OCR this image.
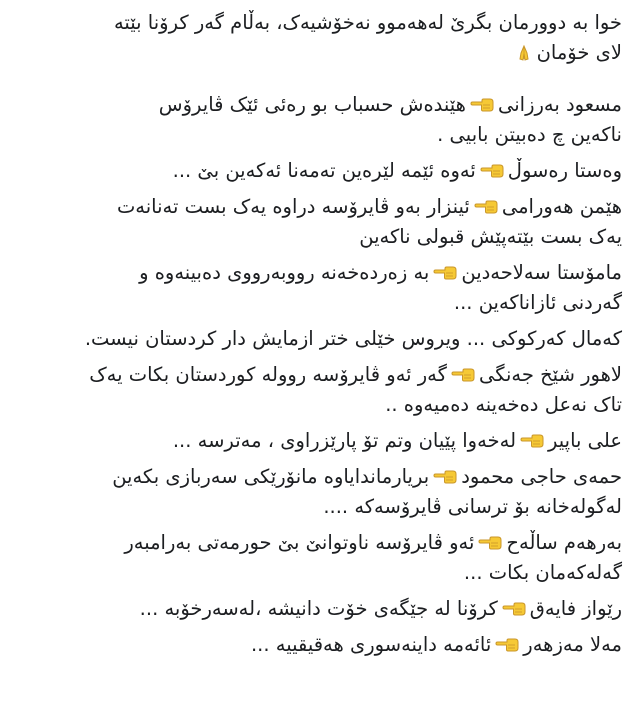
خوا بە دوورمان بگرێ لەهەموو نەخۆشیەک، بەڵام گەر کرۆنا بێتە

لای خۆمان

مسعود بەرزانیهێندەش حسباب بو رەئی ئێک ڤایرۆس

ناکەین چ دەبیتن بابیی .

وەستا رەسوڵئەوە ئێمە لێرەین تەمەنا ئەکەین بێ ...

هێمن هەورامیئینزار بەو ڤایرۆسە دراوە یەک بست تەنانەت

یەک بست بێتەپێش قبولی ناکەین

مامۆستا سەلاحەدینبە زەردەخەنە رووبەرووی دەبینەوە و

گەردنی ئازاناکەین ...

کەمال کەرکوکی ... ویروس خێلی ختر ازمایش دار کردستان نیست.

لاهور شێخ جەنگیگەر ئەو ڤایرۆسە رووله کوردستان بکات یەک

تاک نەعل دەخەینە دەمیەوە ..

علی باپیرلەخەوا پێیان وتم تۆ پارێزراوی ، مەترسە ...

حمەی حاجی محمودبریارماندایاوە مانۆرێکی سەربازی بکەین

لەگولەخانە بۆ ترسانی ڤایرۆسەکە ....

بەرهەم ساڵەحئەو ڤایرۆسە ناوتوانێ بێ حورمەتی بەرامبەر

گەلەکەمان بکات ...

رێواز فایەقکرۆنا لە جێگەی خۆت دانیشە ،لەسەرخۆبە ...

مەلا مەزهەرئائەمە داینەسوری هەقیقییە ...
